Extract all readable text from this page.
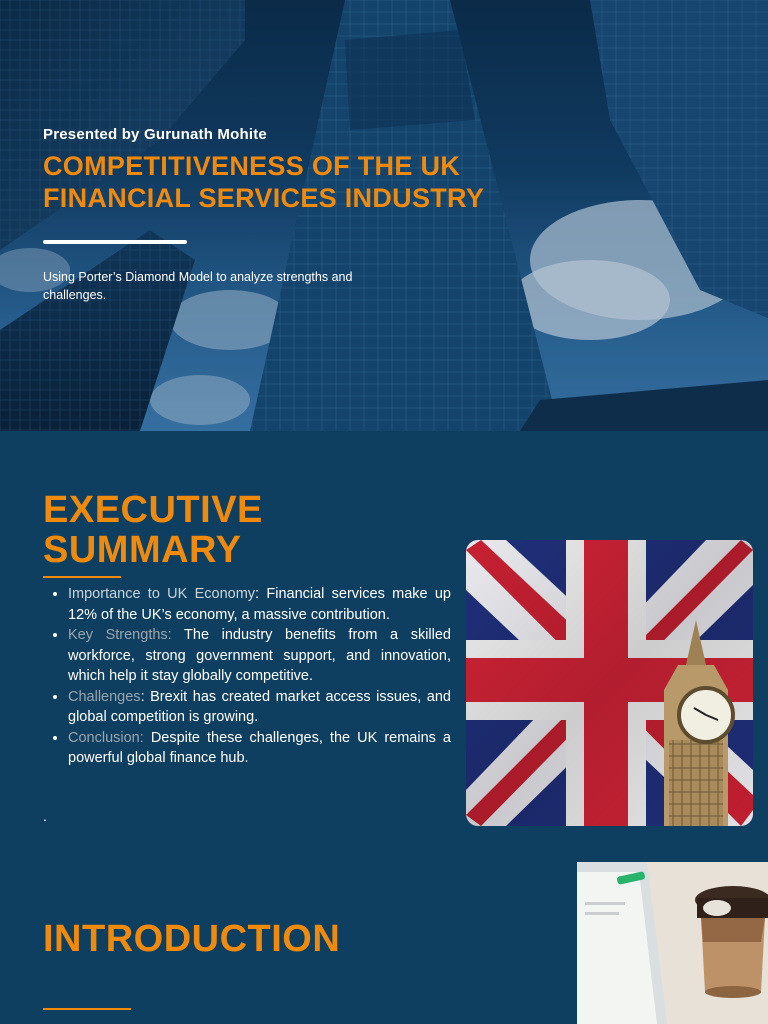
Presented by Gurunath Mohite
COMPETITIVENESS OF THE UK FINANCIAL SERVICES INDUSTRY
Using Porter’s Diamond Model to analyze strengths and challenges.
EXECUTIVE SUMMARY
• Importance to UK Economy: Financial services make up 12% of the UK’s economy, a massive contribution.
• Key Strengths: The industry benefits from a skilled workforce, strong government support, and innovation, which help it stay globally competitive.
• Challenges: Brexit has created market access issues, and global competition is growing.
• Conclusion: Despite these challenges, the UK remains a powerful global finance hub.
.
INTRODUCTION
